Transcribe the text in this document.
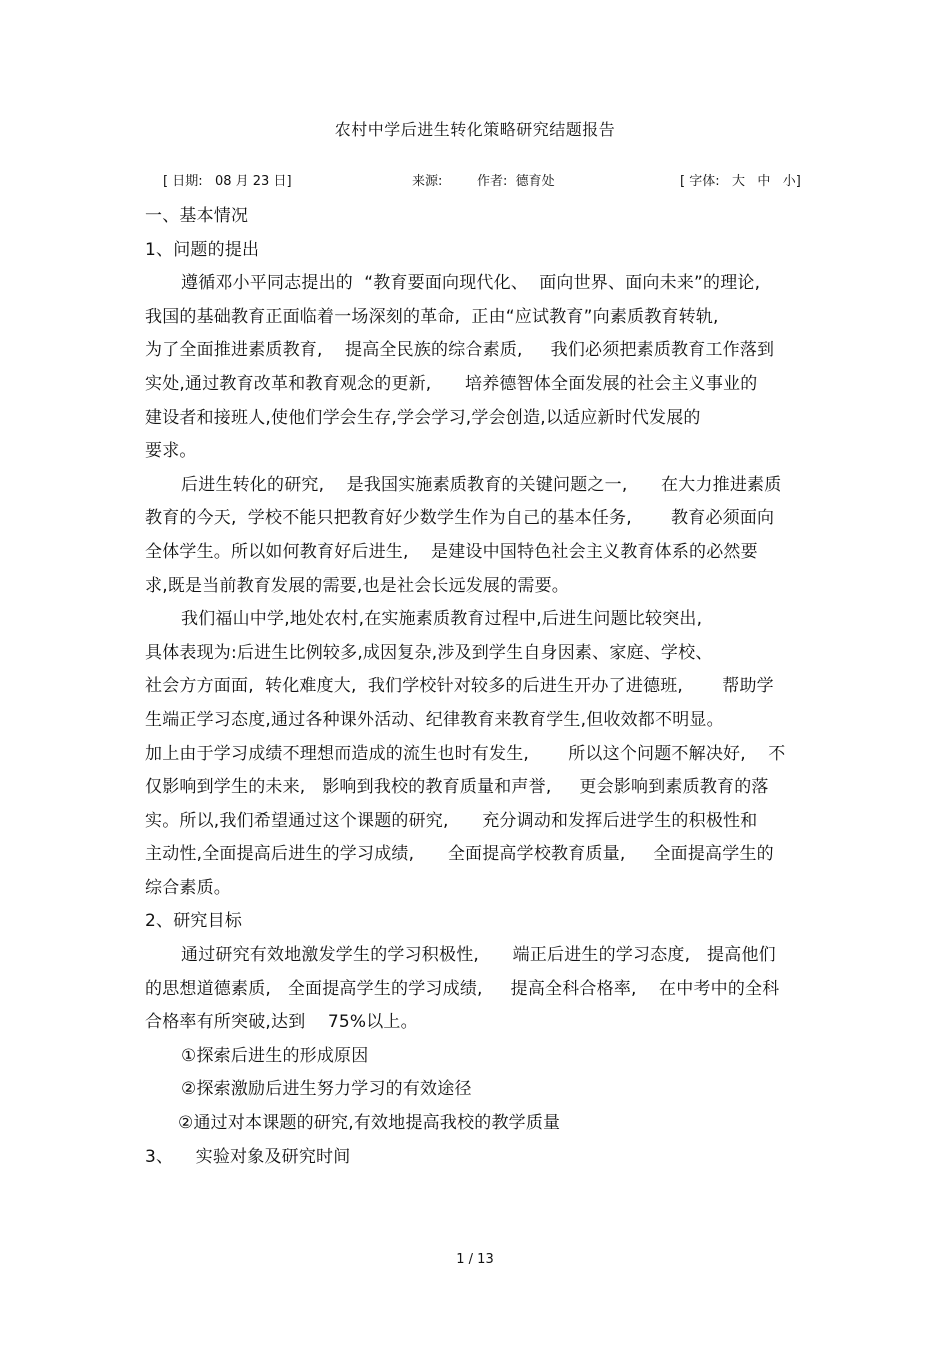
农村中学后进生转化策略研究结题报告
[ 日期:   08 月 23 日]	来源:	作者:  德育处	[ 字体:   大   中   小]
一、基本情况
1、问题的提出
遵循邓小平同志提出的  “教育要面向现代化、  面向世界、面向未来”的理论,
我国的基础教育正面临着一场深刻的革命,  正由“应试教育”向素质教育转轨,
为了全面推进素质教育,    提高全民族的综合素质,     我们必须把素质教育工作落到
实处,通过教育改革和教育观念的更新,      培养德智体全面发展的社会主义事业的
建设者和接班人,使他们学会生存,学会学习,学会创造,以适应新时代发展的
要求。
后进生转化的研究,    是我国实施素质教育的关键问题之一,      在大力推进素质
教育的今天,  学校不能只把教育好少数学生作为自己的基本任务,       教育必须面向
全体学生。所以如何教育好后进生,    是建设中国特色社会主义教育体系的必然要
求,既是当前教育发展的需要,也是社会长远发展的需要。
我们福山中学,地处农村,在实施素质教育过程中,后进生问题比较突出,
具体表现为:后进生比例较多,成因复杂,涉及到学生自身因素、家庭、学校、
社会方方面面,  转化难度大,  我们学校针对较多的后进生开办了进德班,       帮助学
生端正学习态度,通过各种课外活动、纪律教育来教育学生,但收效都不明显。
加上由于学习成绩不理想而造成的流生也时有发生,       所以这个问题不解决好,    不
仅影响到学生的未来,   影响到我校的教育质量和声誉,     更会影响到素质教育的落
实。所以,我们希望通过这个课题的研究,      充分调动和发挥后进学生的积极性和
主动性,全面提高后进生的学习成绩,      全面提高学校教育质量,     全面提高学生的
综合素质。
2、研究目标
通过研究有效地激发学生的学习积极性,      端正后进生的学习态度,   提高他们
的思想道德素质,   全面提高学生的学习成绩,     提高全科合格率,    在中考中的全科
合格率有所突破,达到    75%以上。
①探索后进生的形成原因
②探索激励后进生努力学习的有效途径
②通过对本课题的研究,有效地提高我校的教学质量
3、    实验对象及研究时间
1 / 13
